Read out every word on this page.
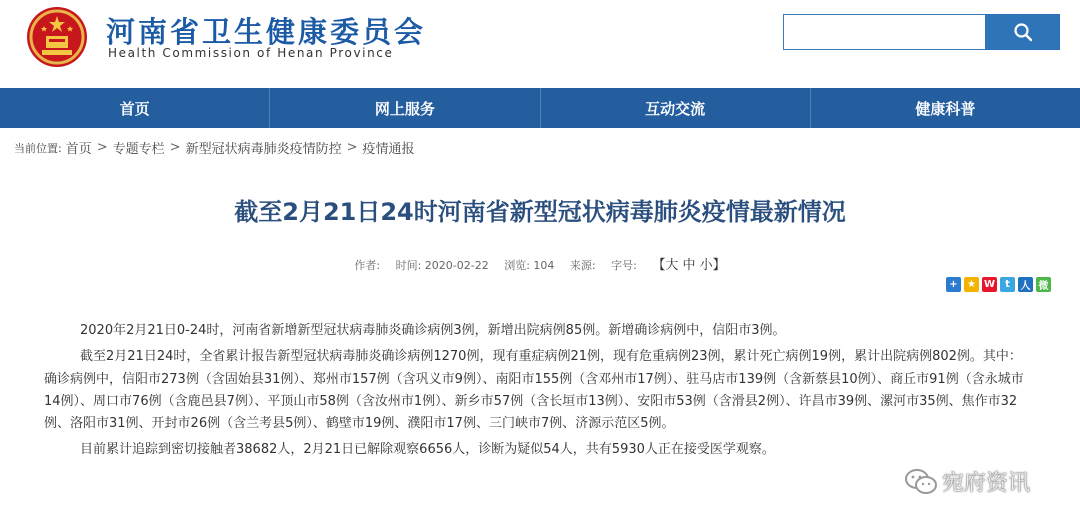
河南省卫生健康委员会
Health Commission of Henan Province
首页	网上服务	互动交流	健康科普
当前位置: 首页 > 专题专栏 > 新型冠状病毒肺炎疫情防控 > 疫情通报
截至2月21日24时河南省新型冠状病毒肺炎疫情最新情况
作者: 时间: 2020-02-22 浏览: 104 来源: 字号: 【大 中 小】
+ ★ W	t	人 微

2020年2月21日0-24时，河南省新增新型冠状病毒肺炎确诊病例3例，新增出院病例85例。新增确诊病例中，信阳市3例。

截至2月21日24时，全省累计报告新型冠状病毒肺炎确诊病例1270例，现有重症病例21例，现有危重病例23例，累计死亡病例19例，累计出院病例802例。其中：确诊病例中，信阳市273例（含固始县31例）、郑州市157例（含巩义市9例）、南阳市155例（含邓州市17例）、驻马店市139例（含新蔡县10例）、商丘市91例（含永城市14例）、周口市76例（含鹿邑县7例）、平顶山市58例（含汝州市1例）、新乡市57例（含长垣市13例）、安阳市53例（含滑县2例）、许昌市39例、漯河市35例、焦作市32例、洛阳市31例、开封市26例（含兰考县5例）、鹤壁市19例、濮阳市17例、三门峡市7例、济源示范区5例。

目前累计追踪到密切接触者38682人，2月21日已解除观察6656人，诊断为疑似54人，共有5930人正在接受医学观察。

宛府资讯
